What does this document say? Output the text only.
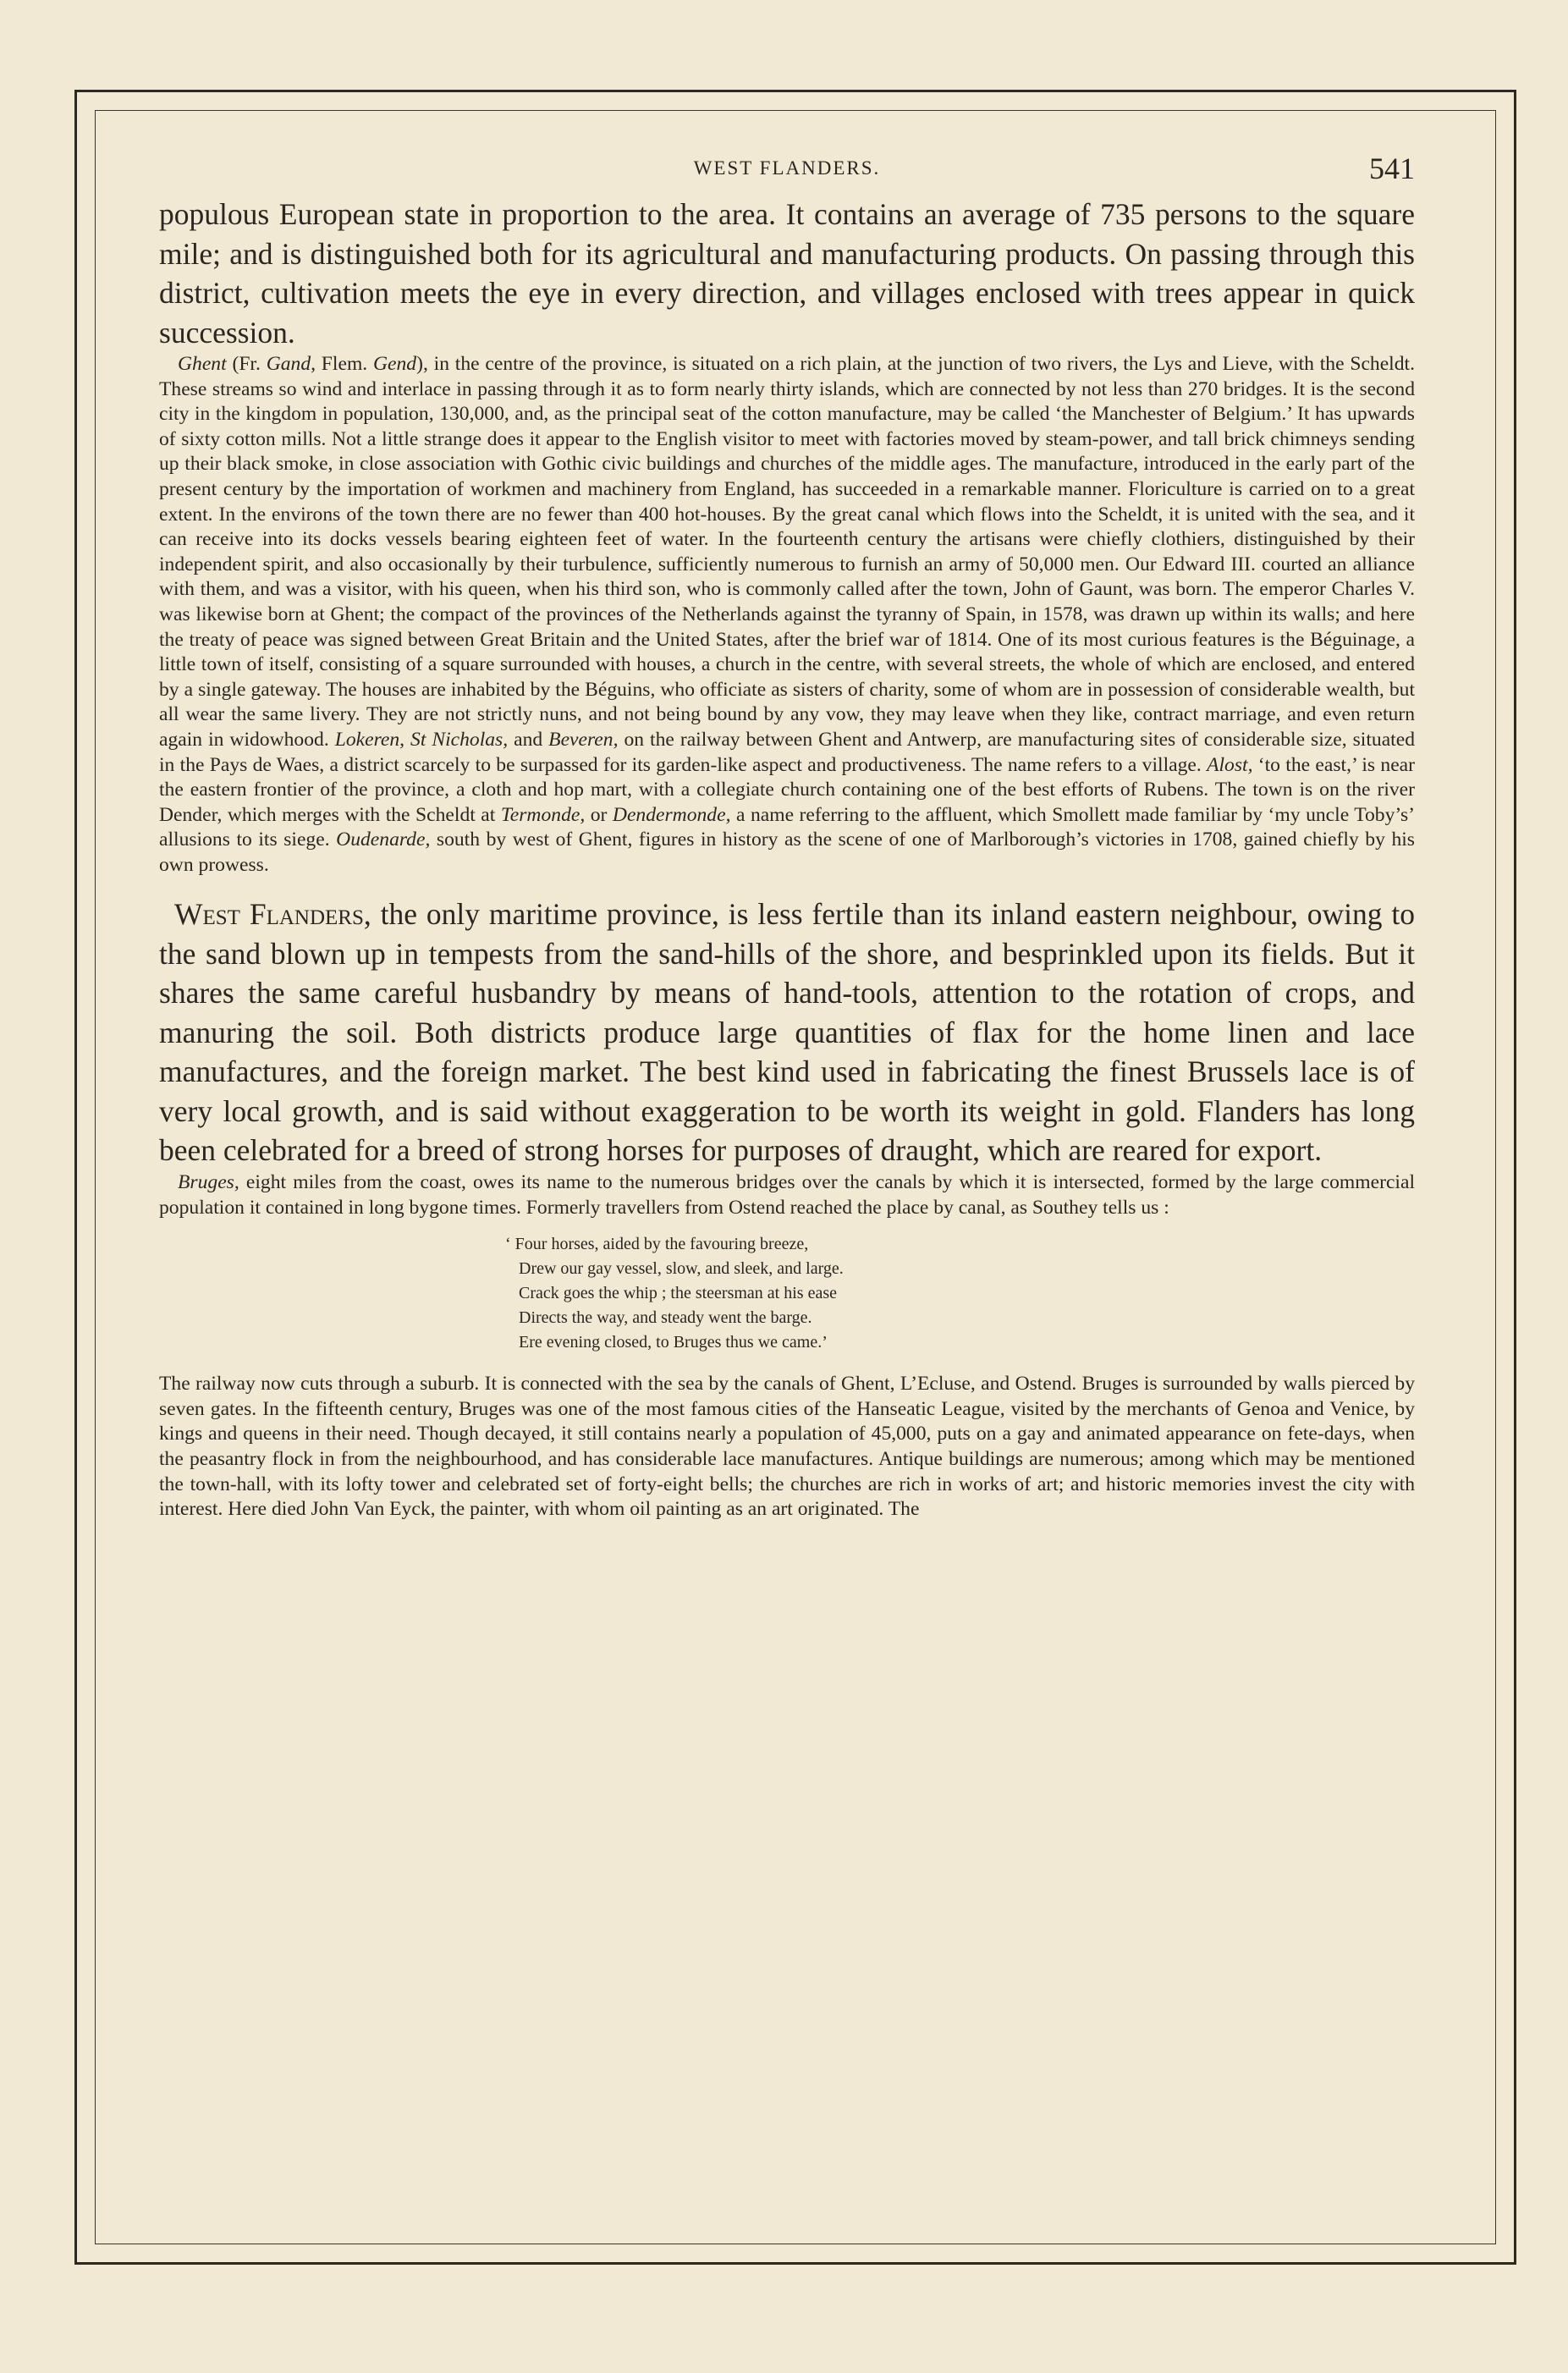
WEST FLANDERS.	541

populous European state in proportion to the area. It contains an average of 735 persons to the square mile; and is distinguished both for its agricultural and manufacturing products. On passing through this district, cultivation meets the eye in every direction, and villages enclosed with trees appear in quick succession.

Ghent (Fr. Gand, Flem. Gend), in the centre of the province, is situated on a rich plain, at the junction of two rivers, the Lys and Lieve, with the Scheldt. These streams so wind and interlace in passing through it as to form nearly thirty islands, which are connected by not less than 270 bridges. It is the second city in the kingdom in population, 130,000, and, as the principal seat of the cotton manufacture, may be called ‘the Manchester of Belgium.’ It has upwards of sixty cotton mills. Not a little strange does it appear to the English visitor to meet with factories moved by steam-power, and tall brick chimneys sending up their black smoke, in close association with Gothic civic buildings and churches of the middle ages. The manufacture, introduced in the early part of the present century by the importation of workmen and machinery from England, has succeeded in a remarkable manner. Floriculture is carried on to a great extent. In the environs of the town there are no fewer than 400 hot-houses. By the great canal which flows into the Scheldt, it is united with the sea, and it can receive into its docks vessels bearing eighteen feet of water. In the fourteenth century the artisans were chiefly clothiers, distinguished by their independent spirit, and also occasionally by their turbulence, sufficiently numerous to furnish an army of 50,000 men. Our Edward III. courted an alliance with them, and was a visitor, with his queen, when his third son, who is commonly called after the town, John of Gaunt, was born. The emperor Charles V. was likewise born at Ghent; the compact of the provinces of the Netherlands against the tyranny of Spain, in 1578, was drawn up within its walls; and here the treaty of peace was signed between Great Britain and the United States, after the brief war of 1814. One of its most curious features is the Béguinage, a little town of itself, consisting of a square surrounded with houses, a church in the centre, with several streets, the whole of which are enclosed, and entered by a single gateway. The houses are inhabited by the Béguins, who officiate as sisters of charity, some of whom are in possession of considerable wealth, but all wear the same livery. They are not strictly nuns, and not being bound by any vow, they may leave when they like, contract marriage, and even return again in widowhood. Lokeren, St Nicholas, and Beveren, on the railway between Ghent and Antwerp, are manufacturing sites of considerable size, situated in the Pays de Waes, a district scarcely to be surpassed for its garden-like aspect and productiveness. The name refers to a village. Alost, ‘to the east,’ is near the eastern frontier of the province, a cloth and hop mart, with a collegiate church containing one of the best efforts of Rubens. The town is on the river Dender, which merges with the Scheldt at Termonde, or Dendermonde, a name referring to the affluent, which Smollett made familiar by ‘my uncle Toby’s’ allusions to its siege. Oudenarde, south by west of Ghent, figures in history as the scene of one of Marlborough’s victories in 1708, gained chiefly by his own prowess.

West Flanders, the only maritime province, is less fertile than its inland eastern neighbour, owing to the sand blown up in tempests from the sand-hills of the shore, and besprinkled upon its fields. But it shares the same careful husbandry by means of hand-tools, attention to the rotation of crops, and manuring the soil. Both districts produce large quantities of flax for the home linen and lace manufactures, and the foreign market. The best kind used in fabricating the finest Brussels lace is of very local growth, and is said without exaggeration to be worth its weight in gold. Flanders has long been celebrated for a breed of strong horses for purposes of draught, which are reared for export.

Bruges, eight miles from the coast, owes its name to the numerous bridges over the canals by which it is intersected, formed by the large commercial population it contained in long bygone times. Formerly travellers from Ostend reached the place by canal, as Southey tells us :

‘ Four horses, aided by the favouring breeze,
Drew our gay vessel, slow, and sleek, and large.
Crack goes the whip ; the steersman at his ease
Directs the way, and steady went the barge.
Ere evening closed, to Bruges thus we came.’

The railway now cuts through a suburb. It is connected with the sea by the canals of Ghent, L’Ecluse, and Ostend. Bruges is surrounded by walls pierced by seven gates. In the fifteenth century, Bruges was one of the most famous cities of the Hanseatic League, visited by the merchants of Genoa and Venice, by kings and queens in their need. Though decayed, it still contains nearly a population of 45,000, puts on a gay and animated appearance on fete-days, when the peasantry flock in from the neighbourhood, and has considerable lace manufactures. Antique buildings are numerous; among which may be mentioned the town-hall, with its lofty tower and celebrated set of forty-eight bells; the churches are rich in works of art; and historic memories invest the city with interest. Here died John Van Eyck, the painter, with whom oil painting as an art originated. The
